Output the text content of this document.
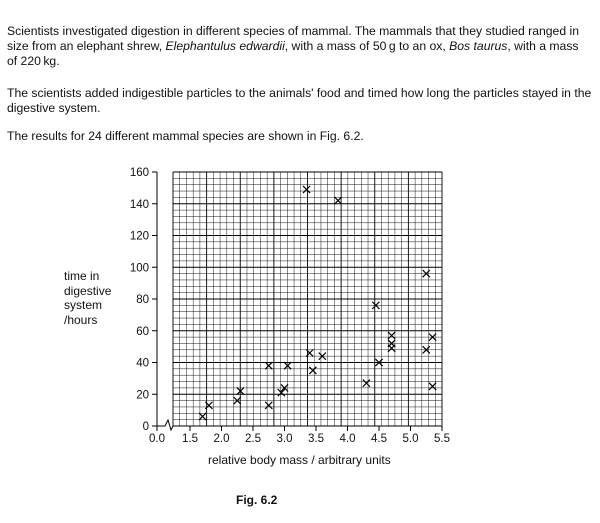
Scientists investigated digestion in different species of mammal. The mammals that they studied ranged in size from an elephant shrew, Elephantulus edwardii, with a mass of 50 g to an ox, Bos taurus, with a mass of 220 kg.

The scientists added indigestible particles to the animals' food and timed how long the particles stayed in the digestive system.

The results for 24 different mammal species are shown in Fig. 6.2.

0
20
40
60
80
100
120
140
160
0.0 1.5 2.0 2.5 3.0 3.5 4.0 4.5 5.0 5.5
time in
digestive
system
/hours
relative body mass / arbitrary units
Fig. 6.2
